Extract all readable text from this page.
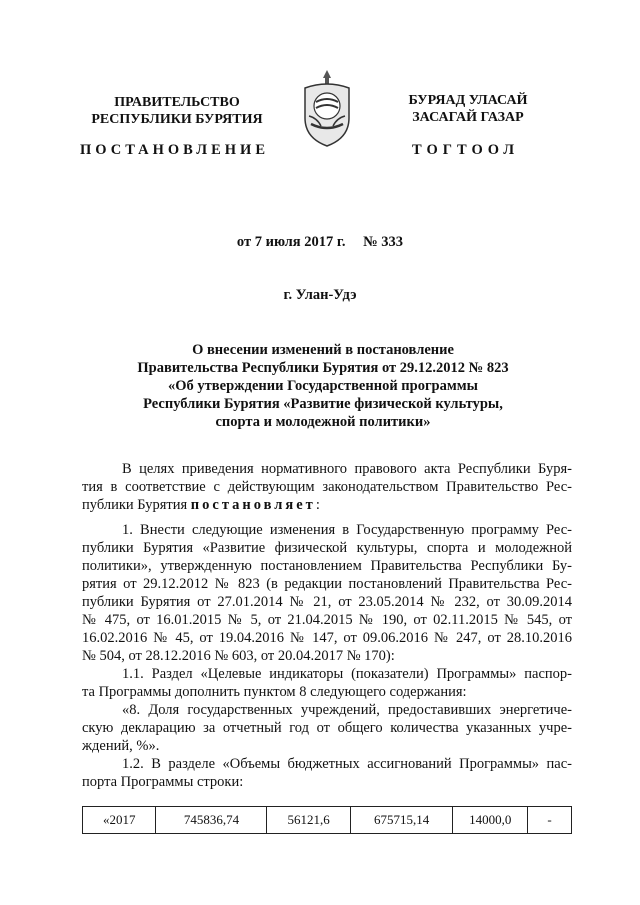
ПРАВИТЕЛЬСТВО
РЕСПУБЛИКИ БУРЯТИЯ
БУРЯАД УЛАСАЙ
ЗАСАГАЙ ГАЗАР
ПОСТАНОВЛЕНИЕ	ТОГТООЛ
от 7 июля 2017 г. № 333
г. Улан-Удэ
О внесении изменений в постановление
Правительства Республики Бурятия от 29.12.2012 № 823
«Об утверждении Государственной программы
Республики Бурятия «Развитие физической культуры,
спорта и молодежной политики»
В целях приведения нормативного правового акта Республики Буря-
тия в соответствие с действующим законодательством Правительство Рес-
публики Бурятия постановляет:
1. Внести следующие изменения в Государственную программу Рес-
публики Бурятия «Развитие физической культуры, спорта и молодежной
политики», утвержденную постановлением Правительства Республики Бу-
рятия от 29.12.2012 № 823 (в редакции постановлений Правительства Рес-
публики Бурятия от 27.01.2014 № 21, от 23.05.2014 № 232, от 30.09.2014
№ 475, от 16.01.2015 № 5, от 21.04.2015 № 190, от 02.11.2015 № 545, от
16.02.2016 № 45, от 19.04.2016 № 147, от 09.06.2016 № 247, от 28.10.2016
№ 504, от 28.12.2016 № 603, от 20.04.2017 № 170):
1.1. Раздел «Целевые индикаторы (показатели) Программы» паспор-
та Программы дополнить пунктом 8 следующего содержания:
«8. Доля государственных учреждений, предоставивших энергетиче-
скую декларацию за отчетный год от общего количества указанных учре-
ждений, %».
1.2. В разделе «Объемы бюджетных ассигнований Программы» пас-
порта Программы строки:
«2017	745836,74	56121,6	675715,14	14000,0	-
